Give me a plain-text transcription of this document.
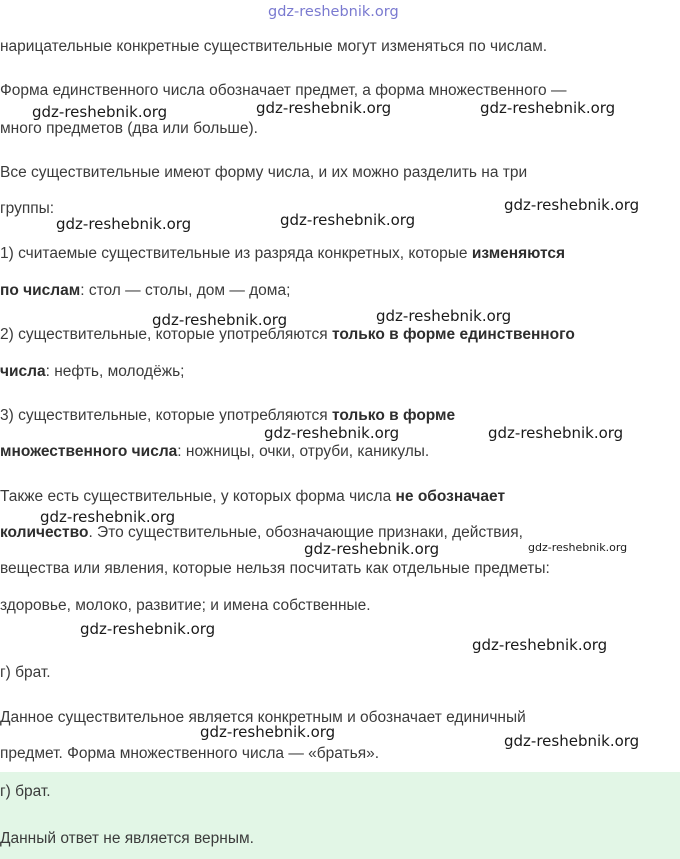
нарицательные конкретные существительные могут изменяться по числам.
Форма единственного числа обозначает предмет, а форма множественного —
много предметов (два или больше).
Все существительные имеют форму числа, и их можно разделить на три
группы:
1) считаемые существительные из разряда конкретных, которые изменяются
по числам: стол — столы, дом — дома;
2) существительные, которые употребляются только в форме единственного
числа: нефть, молодёжь;
3) существительные, которые употребляются только в форме
множественного числа: ножницы, очки, отруби, каникулы.
Также есть существительные, у которых форма числа не обозначает
количество. Это существительные, обозначающие признаки, действия,
вещества или явления, которые нельзя посчитать как отдельные предметы:
здоровье, молоко, развитие; и имена собственные.
г) брат.
Данное существительное является конкретным и обозначает единичный
предмет. Форма множественного числа — «братья».
г) брат.
Данный ответ не является верным.
gdz-reshebnik.org
gdz-reshebnik.org	gdz-reshebnik.org	gdz-reshebnik.org
gdz-reshebnik.org	gdz-reshebnik.org
gdz-reshebnik.org
gdz-reshebnik.org	gdz-reshebnik.org
gdz-reshebnik.org	gdz-reshebnik.org
gdz-reshebnik.org
gdz-reshebnik.org	gdz-reshebnik.org
gdz-reshebnik.org
gdz-reshebnik.org
gdz-reshebnik.org	gdz-reshebnik.org
